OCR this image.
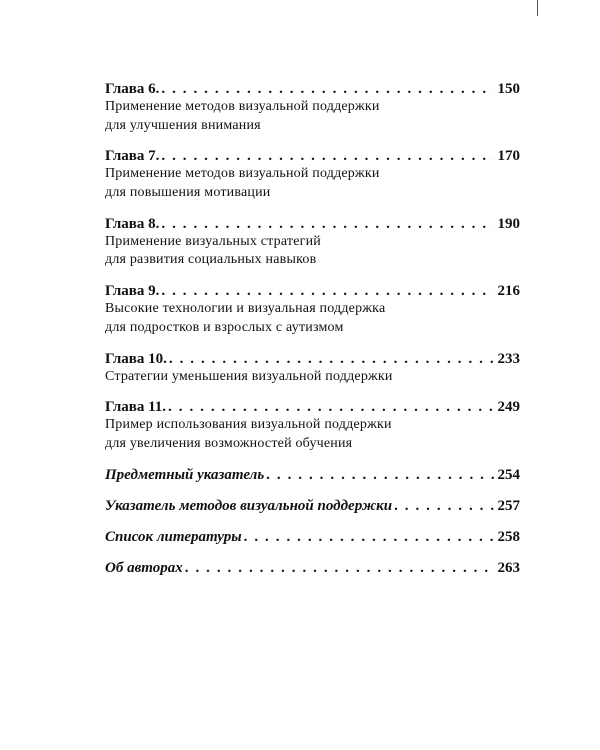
Глава 6. . . .	150
Применение методов визуальной поддержки
для улучшения внимания
Глава 7. . . .	170
Применение методов визуальной поддержки
для повышения мотивации
Глава 8. . . .	190
Применение визуальных стратегий
для развития социальных навыков
Глава 9. . . .	216
Высокие технологии и визуальная поддержка
для подростков и взрослых с аутизмом
Глава 10. . . .	233
Стратегии уменьшения визуальной поддержки
Глава 11. . . .	249
Пример использования визуальной поддержки
для увеличения возможностей обучения
Предметный указатель . . .	254
Указатель методов визуальной поддержки . . .	257
Список литературы . . .	258
Об авторах . . .	263
